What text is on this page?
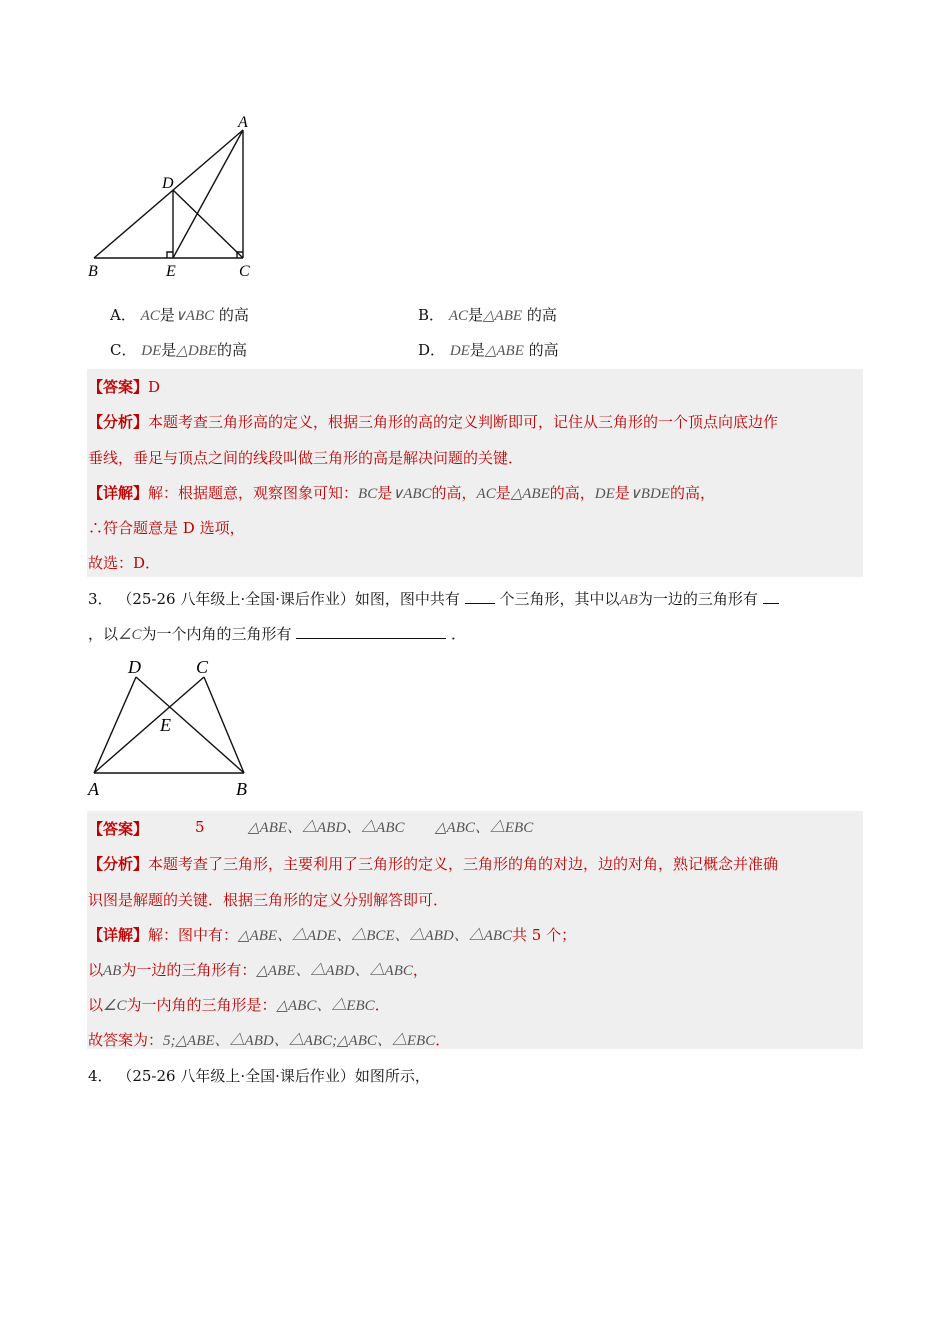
A
D
B	E	C
A． AC是∨ABC 的高	B． AC是△ABE 的高
C． DE是△DBE的高	D． DE是△ABE 的高
【答案】D
【分析】本题考查三角形高的定义，根据三角形的高的定义判断即可，记住从三角形的一个顶点向底边作
垂线，垂足与顶点之间的线段叫做三角形的高是解决问题的关键．
【详解】解：根据题意，观察图象可知：BC是∨ABC的高，AC是△ABE的高，DE是∨BDE的高，
∴符合题意是 D 选项，
故选：D．
3． （25-26 八年级上·全国·课后作业）如图，图中共有	个三角形，其中以AB为一边的三角形有
，以∠C为一个内角的三角形有	．
D	C
E
A	B
【答案】	5	△ABE、△ABD、△ABC △ABC、△EBC
【分析】本题考查了三角形，主要利用了三角形的定义，三角形的角的对边，边的对角，熟记概念并准确
识图是解题的关键．根据三角形的定义分别解答即可．
【详解】解：图中有：△ABE、△ADE、△BCE、△ABD、△ABC共 5 个；
以AB为一边的三角形有：△ABE、△ABD、△ABC，
以∠C为一内角的三角形是：△ABC、△EBC．
故答案为：5;△ABE、△ABD、△ABC;△ABC、△EBC．
4． （25-26 八年级上·全国·课后作业）如图所示，
